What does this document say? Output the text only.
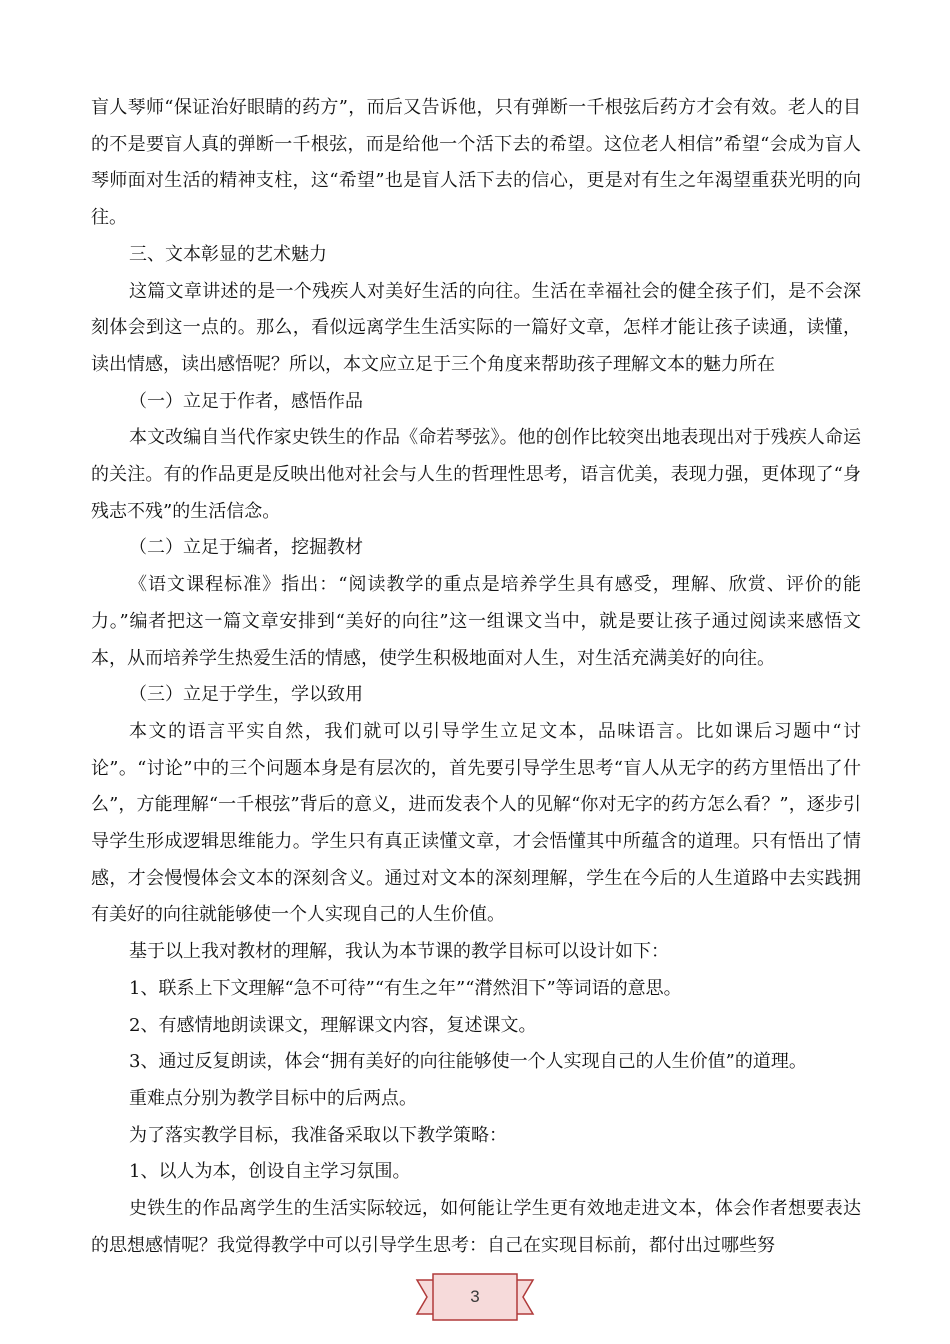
盲人琴师“保证治好眼睛的药方”，而后又告诉他，只有弹断一千根弦后药方才会有效。老人的目的不是要盲人真的弹断一千根弦，而是给他一个活下去的希望。这位老人相信”希望“会成为盲人琴师面对生活的精神支柱，这“希望”也是盲人活下去的信心，更是对有生之年渴望重获光明的向往。

三、文本彰显的艺术魅力

这篇文章讲述的是一个残疾人对美好生活的向往。生活在幸福社会的健全孩子们，是不会深刻体会到这一点的。那么，看似远离学生生活实际的一篇好文章，怎样才能让孩子读通，读懂，读出情感，读出感悟呢？所以，本文应立足于三个角度来帮助孩子理解文本的魅力所在

（一）立足于作者，感悟作品

本文改编自当代作家史铁生的作品《命若琴弦》。他的创作比较突出地表现出对于残疾人命运的关注。有的作品更是反映出他对社会与人生的哲理性思考，语言优美，表现力强，更体现了“身残志不残”的生活信念。

（二）立足于编者，挖掘教材

《语文课程标准》指出：“阅读教学的重点是培养学生具有感受，理解、欣赏、评价的能力。”编者把这一篇文章安排到“美好的向往”这一组课文当中，就是要让孩子通过阅读来感悟文本，从而培养学生热爱生活的情感，使学生积极地面对人生，对生活充满美好的向往。

（三）立足于学生，学以致用

本文的语言平实自然，我们就可以引导学生立足文本，品味语言。比如课后习题中“讨论”。“讨论”中的三个问题本身是有层次的，首先要引导学生思考“盲人从无字的药方里悟出了什么”，方能理解“一千根弦”背后的意义，进而发表个人的见解“你对无字的药方怎么看？”，逐步引导学生形成逻辑思维能力。学生只有真正读懂文章，才会悟懂其中所蕴含的道理。只有悟出了情感，才会慢慢体会文本的深刻含义。通过对文本的深刻理解，学生在今后的人生道路中去实践拥有美好的向往就能够使一个人实现自己的人生价值。

基于以上我对教材的理解，我认为本节课的教学目标可以设计如下：

1、联系上下文理解“急不可待”“有生之年”“潸然泪下”等词语的意思。

2、有感情地朗读课文，理解课文内容，复述课文。

3、通过反复朗读，体会“拥有美好的向往能够使一个人实现自己的人生价值”的道理。

重难点分别为教学目标中的后两点。

为了落实教学目标，我准备采取以下教学策略：

1、以人为本，创设自主学习氛围。

史铁生的作品离学生的生活实际较远，如何能让学生更有效地走进文本，体会作者想要表达的思想感情呢？我觉得教学中可以引导学生思考：自己在实现目标前，都付出过哪些努

3
